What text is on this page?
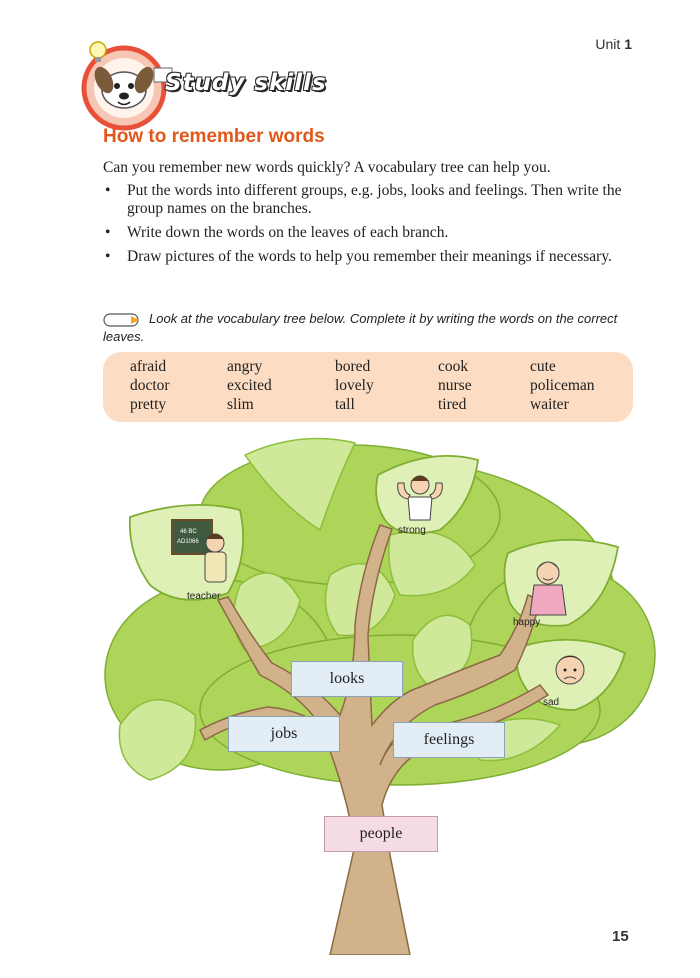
Unit 1
Study skills
How to remember words
Can you remember new words quickly? A vocabulary tree can help you.
• Put the words into different groups, e.g. jobs, looks and feelings. Then write the group names on the branches.
• Write down the words on the leaves of each branch.
• Draw pictures of the words to help you remember their meanings if necessary.
Look at the vocabulary tree below. Complete it by writing the words on the correct leaves.
afraid	angry	bored	cook	cute
doctor	excited	lovely	nurse	policeman
pretty	slim	tall	tired	waiter
46 BC
AD1066
teacher
strong
happy
sad
looks
jobs	feelings
people
15
